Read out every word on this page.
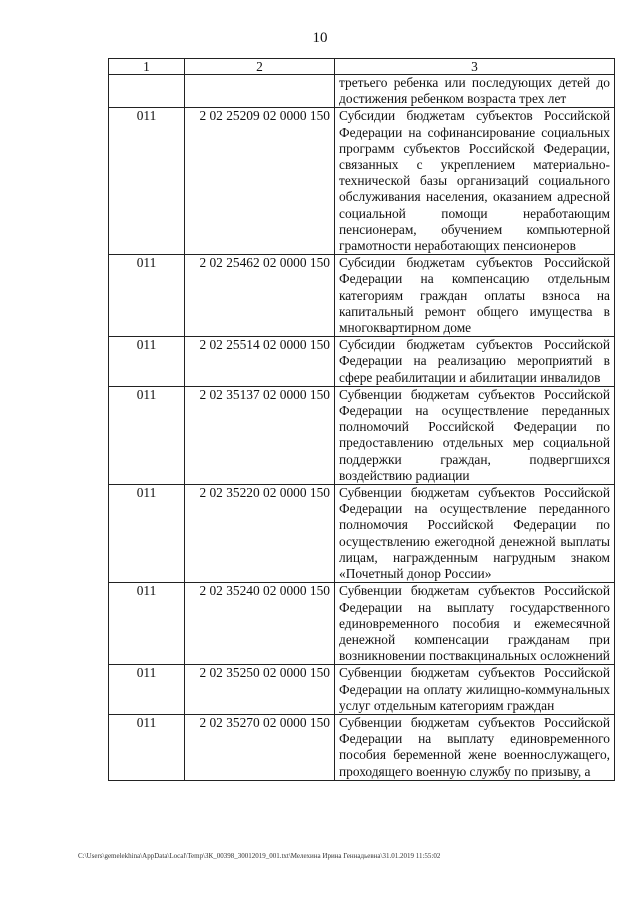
10
1	2	3
		третьего ребенка или последующих детей до достижения ребенком возраста трех лет
011	2 02 25209 02 0000 150	Субсидии бюджетам субъектов Российской Федерации на софинансирование социальных программ субъектов Российской Федерации, связанных с укреплением материально-технической базы организаций социального обслуживания населения, оказанием адресной социальной помощи неработающим пенсионерам, обучением компьютерной грамотности неработающих пенсионеров
011	2 02 25462 02 0000 150	Субсидии бюджетам субъектов Российской Федерации на компенсацию отдельным категориям граждан оплаты взноса на капитальный ремонт общего имущества в многоквартирном доме
011	2 02 25514 02 0000 150	Субсидии бюджетам субъектов Российской Федерации на реализацию мероприятий в сфере реабилитации и абилитации инвалидов
011	2 02 35137 02 0000 150	Субвенции бюджетам субъектов Российской Федерации на осуществление переданных полномочий Российской Федерации по предоставлению отдельных мер социальной поддержки граждан, подвергшихся воздействию радиации
011	2 02 35220 02 0000 150	Субвенции бюджетам субъектов Российской Федерации на осуществление переданного полномочия Российской Федерации по осуществлению ежегодной денежной выплаты лицам, награжденным нагрудным знаком «Почетный донор России»
011	2 02 35240 02 0000 150	Субвенции бюджетам субъектов Российской Федерации на выплату государственного единовременного пособия и ежемесячной денежной компенсации гражданам при возникновении поствакцинальных осложнений
011	2 02 35250 02 0000 150	Субвенции бюджетам субъектов Российской Федерации на оплату жилищно-коммунальных услуг отдельным категориям граждан
011	2 02 35270 02 0000 150	Субвенции бюджетам субъектов Российской Федерации на выплату единовременного пособия беременной жене военнослужащего, проходящего военную службу по призыву, а
C:\Users\gemelekhina\AppData\Local\Temp\ЗК_00398_30012019_001.txt\Мелехина Ирина Геннадьевна\31.01.2019 11:55:02
